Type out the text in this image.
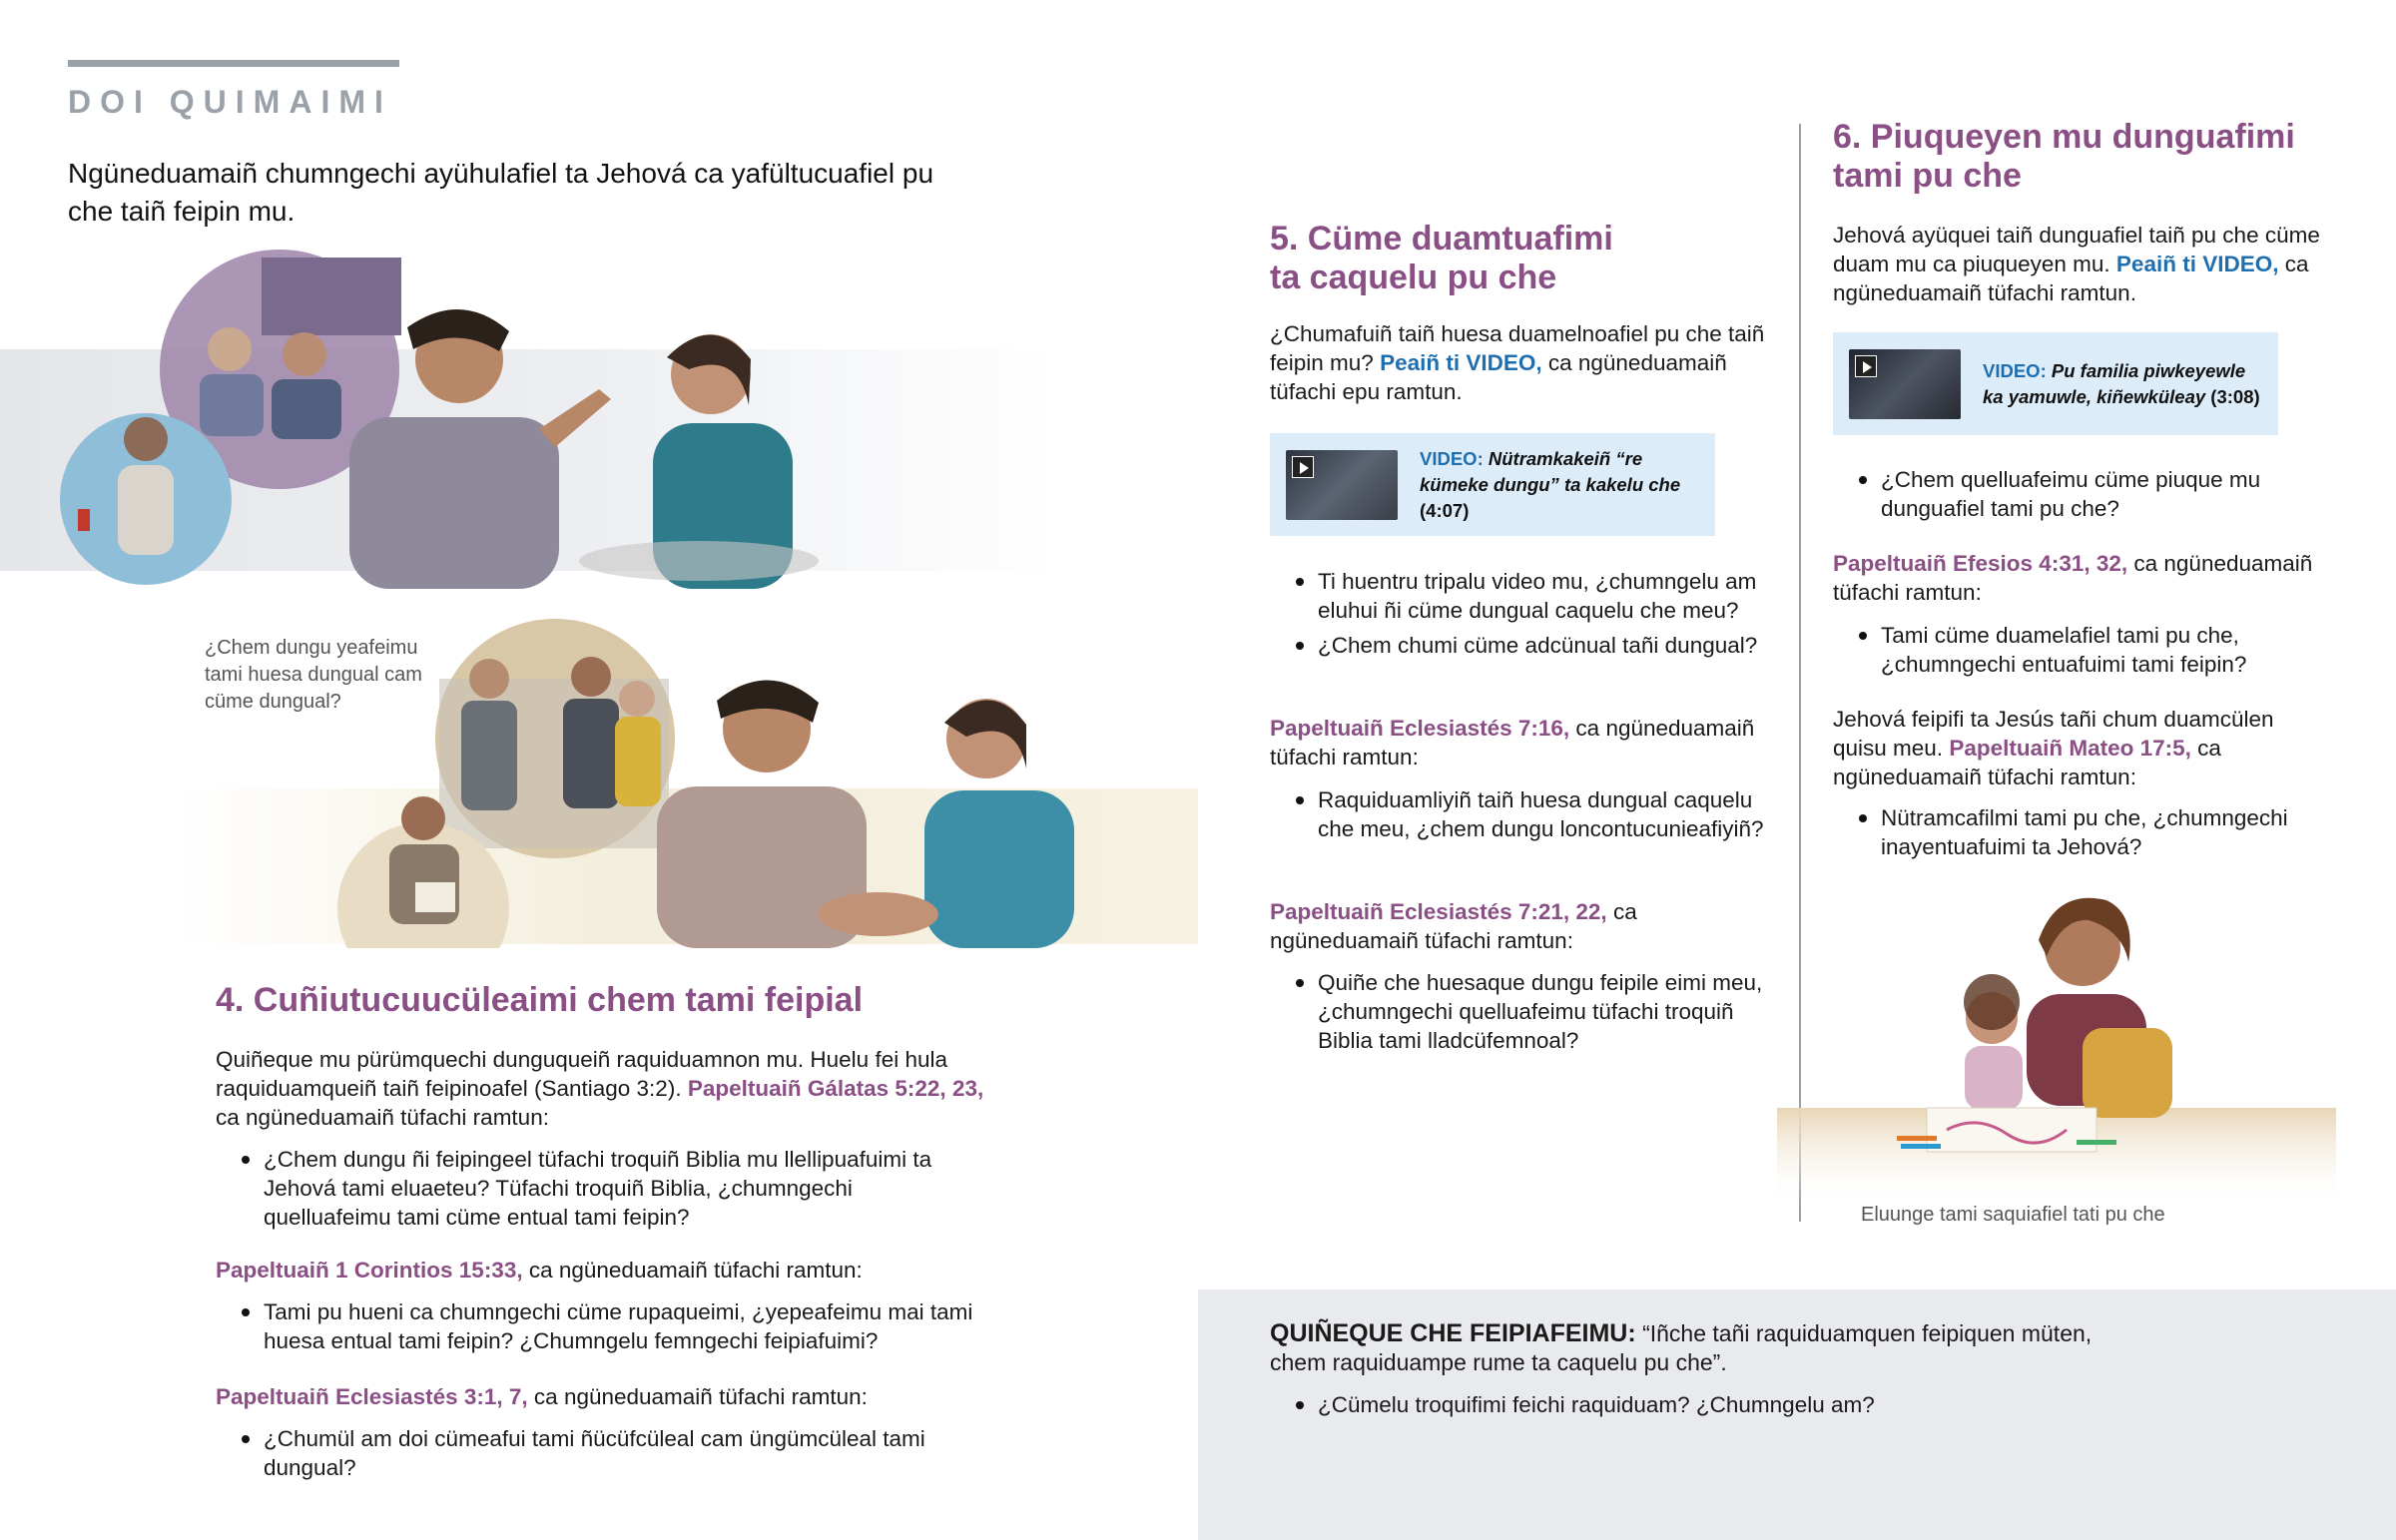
DOI QUIMAIMI
Ngüneduamaiñ chumngechi ayühulafiel ta Jehová ca yafültucuafiel pu che taiñ feipin mu.
¿Chem dungu yeafeimu tami huesa dungual cam cüme dungual?
4. Cuñiutucuucüleaimi chem tami feipial
Quiñeque mu pürümquechi dunguqueiñ raquiduamnon mu. Huelu fei hula raquiduamqueiñ taiñ feipinoafel (Santiago 3:2). Papeltuaiñ Gálatas 5:22, 23, ca ngüneduamaiñ tüfachi ramtun:
¿Chem dungu ñi feipingeel tüfachi troquiñ Biblia mu llellipuafuimi ta Jehová tami eluaeteu? Tüfachi troquiñ Biblia, ¿chumngechi quelluafeimu tami cüme entual tami feipin?
Papeltuaiñ 1 Corintios 15:33, ca ngüneduamaiñ tüfachi ramtun:
Tami pu hueni ca chumngechi cüme rupaqueimi, ¿yepeafeimu mai tami huesa entual tami feipin? ¿Chumngelu femngechi feipiafuimi?
Papeltuaiñ Eclesiastés 3:1, 7, ca ngüneduamaiñ tüfachi ramtun:
¿Chumül am doi cümeafui tami ñücüfcüleal cam üngümcüleal tami dungual?
5. Cüme duamtuafimi
ta caquelu pu che
¿Chumafuiñ taiñ huesa duamelnoafiel pu che taiñ feipin mu? Peaiñ ti VIDEO, ca ngüneduamaiñ tüfachi epu ramtun.
VIDEO: Nütramkakeiñ “re kümeke dungu” ta kakelu che (4:07)
Ti huentru tripalu video mu, ¿chumngelu am eluhui ñi cüme dungual caquelu che meu?
¿Chem chumi cüme adcünual tañi dungual?
Papeltuaiñ Eclesiastés 7:16, ca ngüneduamaiñ tüfachi ramtun:
Raquiduamliyiñ taiñ huesa dungual caquelu che meu, ¿chem dungu loncontucunieafiyiñ?
Papeltuaiñ Eclesiastés 7:21, 22, ca ngüneduamaiñ tüfachi ramtun:
Quiñe che huesaque dungu feipile eimi meu, ¿chumngechi quelluafeimu tüfachi troquiñ Biblia tami lladcüfemnoal?
6. Piuqueyen mu dunguafimi
tami pu che
Jehová ayüquei taiñ dunguafiel taiñ pu che cüme duam mu ca piuqueyen mu. Peaiñ ti VIDEO, ca ngüneduamaiñ tüfachi ramtun.
VIDEO: Pu familia piwkeyewle ka yamuwle, kiñewküleay (3:08)
¿Chem quelluafeimu cüme piuque mu dunguafiel tami pu che?
Papeltuaiñ Efesios 4:31, 32, ca ngüneduamaiñ tüfachi ramtun:
Tami cüme duamelafiel tami pu che, ¿chumngechi entuafuimi tami feipin?
Jehová feipifi ta Jesús tañi chum duamcülen quisu meu. Papeltuaiñ Mateo 17:5, ca ngüneduamaiñ tüfachi ramtun:
Nütramcafilmi tami pu che, ¿chumngechi inayentuafuimi ta Jehová?
Eluunge tami saquiafiel tati pu che
QUIÑEQUE CHE FEIPIAFEIMU: “Iñche tañi raquiduamquen feipiquen müten, chem raquiduampe rume ta caquelu pu che”.
¿Cümelu troquifimi feichi raquiduam? ¿Chumngelu am?
